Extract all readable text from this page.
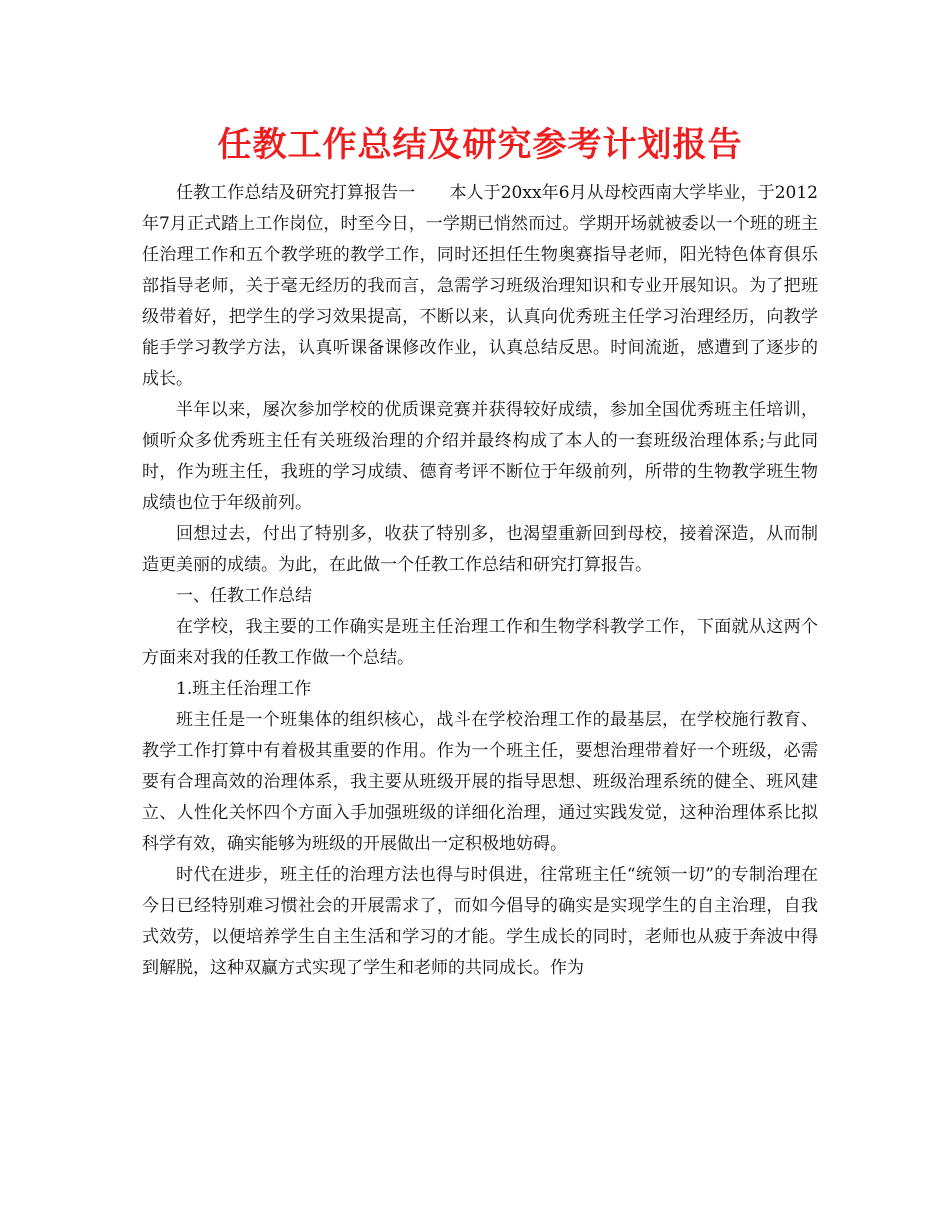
任教工作总结及研究参考计划报告

任教工作总结及研究打算报告一　　本人于20xx年6月从母校西南大学毕业，于2012年7月正式踏上工作岗位，时至今日，一学期已悄然而过。学期开场就被委以一个班的班主任治理工作和五个教学班的教学工作，同时还担任生物奥赛指导老师，阳光特色体育俱乐部指导老师，关于毫无经历的我而言，急需学习班级治理知识和专业开展知识。为了把班级带着好，把学生的学习效果提高，不断以来，认真向优秀班主任学习治理经历，向教学能手学习教学方法，认真听课备课修改作业，认真总结反思。时间流逝，感遭到了逐步的成长。

半年以来，屡次参加学校的优质课竞赛并获得较好成绩，参加全国优秀班主任培训，倾听众多优秀班主任有关班级治理的介绍并最终构成了本人的一套班级治理体系;与此同时，作为班主任，我班的学习成绩、德育考评不断位于年级前列，所带的生物教学班生物成绩也位于年级前列。

回想过去，付出了特别多，收获了特别多，也渴望重新回到母校，接着深造，从而制造更美丽的成绩。为此，在此做一个任教工作总结和研究打算报告。

一、任教工作总结

在学校，我主要的工作确实是班主任治理工作和生物学科教学工作，下面就从这两个方面来对我的任教工作做一个总结。

1.班主任治理工作

班主任是一个班集体的组织核心，战斗在学校治理工作的最基层，在学校施行教育、教学工作打算中有着极其重要的作用。作为一个班主任，要想治理带着好一个班级，必需要有合理高效的治理体系，我主要从班级开展的指导思想、班级治理系统的健全、班风建立、人性化关怀四个方面入手加强班级的详细化治理，通过实践发觉，这种治理体系比拟科学有效，确实能够为班级的开展做出一定积极地妨碍。

时代在进步，班主任的治理方法也得与时俱进，往常班主任“统领一切”的专制治理在今日已经特别难习惯社会的开展需求了，而如今倡导的确实是实现学生的自主治理，自我式效劳，以便培养学生自主生活和学习的才能。学生成长的同时，老师也从疲于奔波中得到解脱，这种双赢方式实现了学生和老师的共同成长。作为
